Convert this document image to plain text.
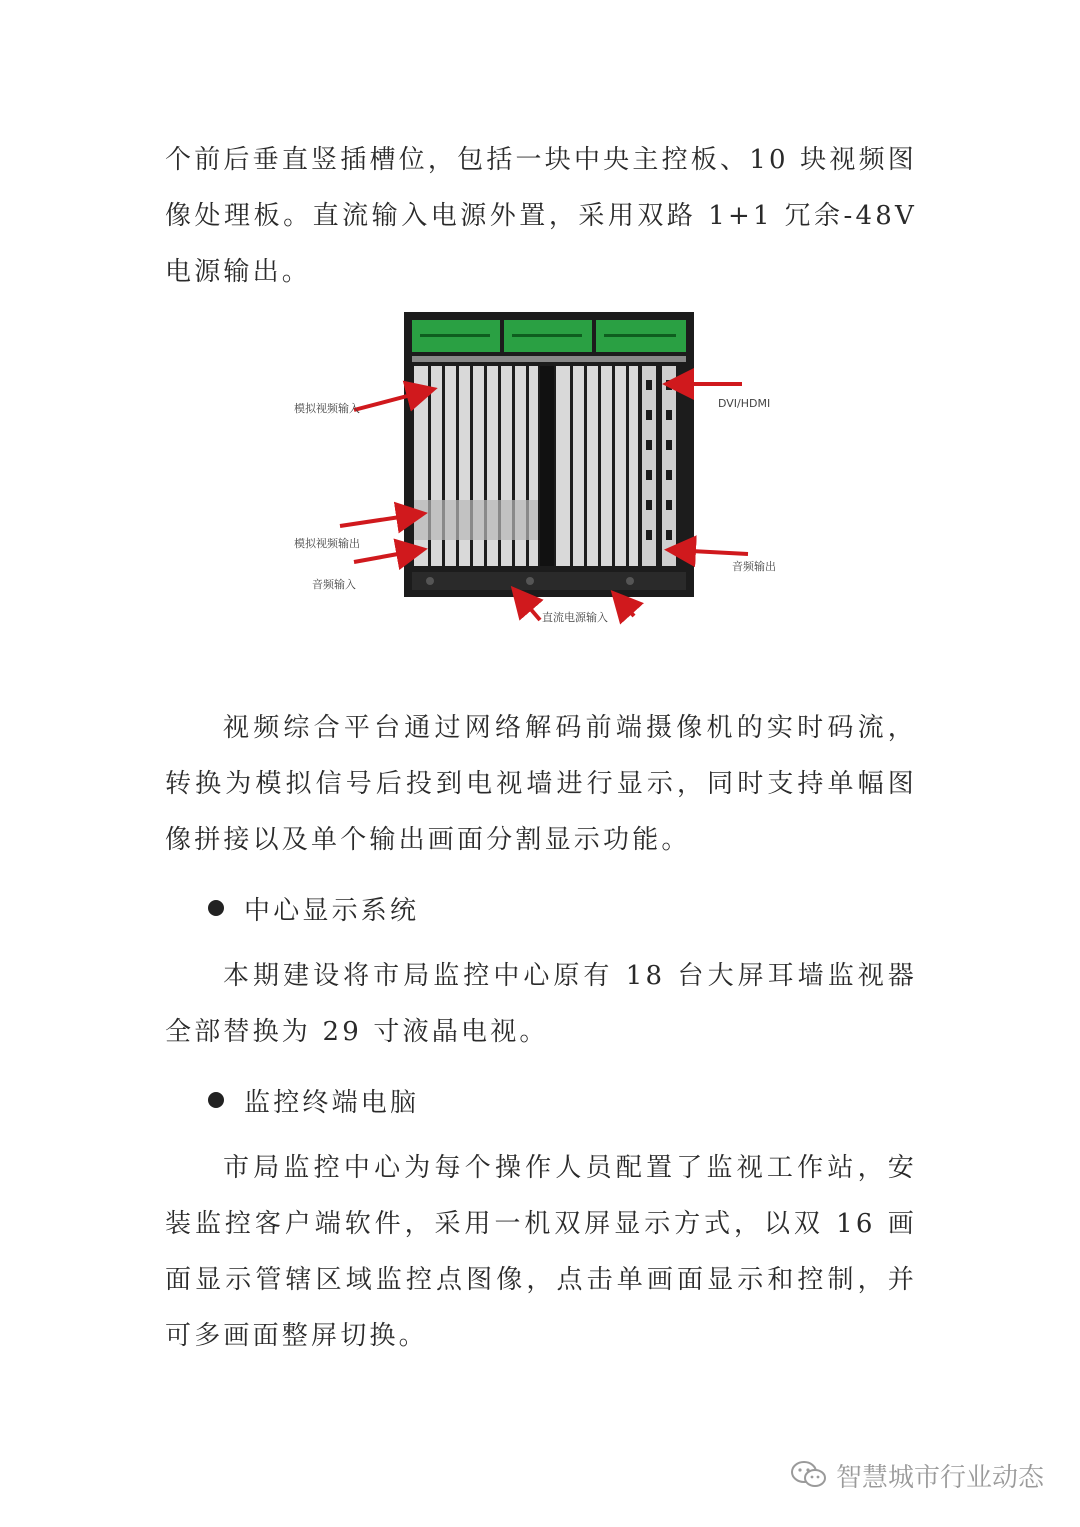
个前后垂直竖插槽位，包括一块中央主控板、10 块视频图像处理板。直流输入电源外置，采用双路 1+1 冗余-48V 电源输出。

模拟视频输入	DVI/HDMI
模拟视频输出
音频输入
音频输出
直流电源输入

视频综合平台通过网络解码前端摄像机的实时码流，转换为模拟信号后投到电视墙进行显示，同时支持单幅图像拼接以及单个输出画面分割显示功能。

中心显示系统

本期建设将市局监控中心原有 18 台大屏耳墙监视器全部替换为 29 寸液晶电视。

监控终端电脑

市局监控中心为每个操作人员配置了监视工作站，安装监控客户端软件，采用一机双屏显示方式，以双 16 画面显示管辖区域监控点图像，点击单画面显示和控制，并可多画面整屏切换。

智慧城市行业动态
